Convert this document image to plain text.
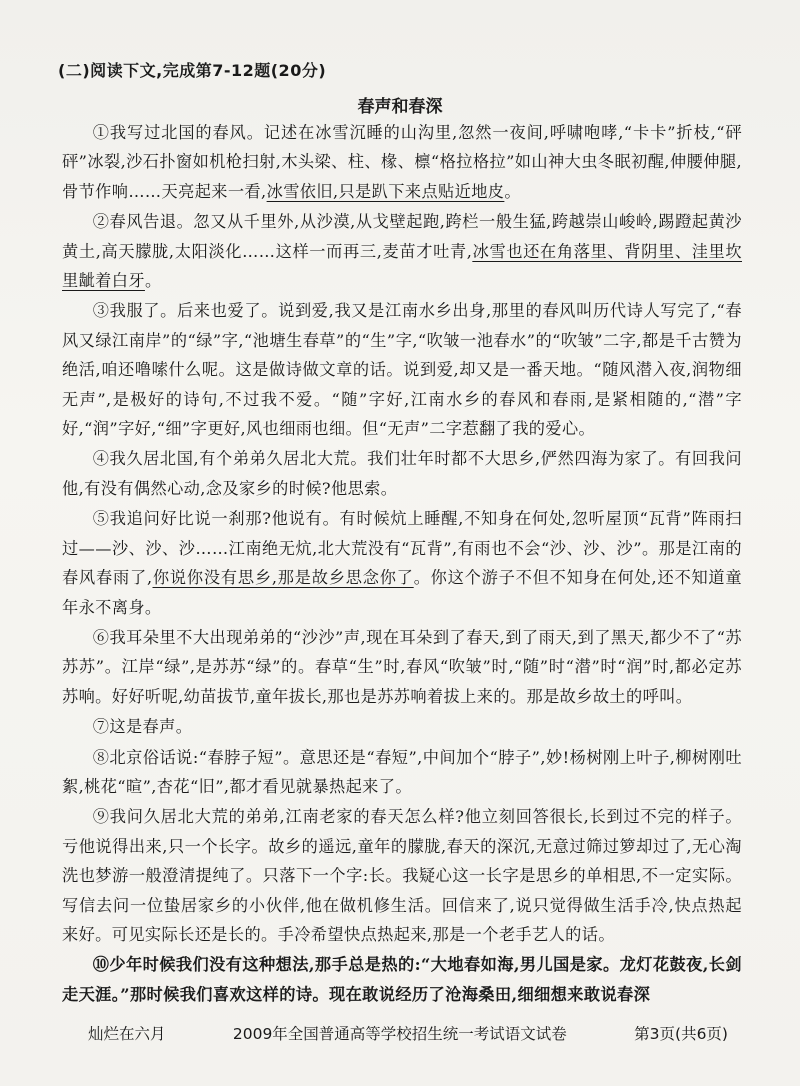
(二)阅读下文,完成第7-12题(20分)
春声和春深

①我写过北国的春风。记述在冰雪沉睡的山沟里,忽然一夜间,呼啸咆哮,“卡卡”折枝,“砰砰”冰裂,沙石扑窗如机枪扫射,木头梁、柱、椽、檩“格拉格拉”如山神大虫冬眠初醒,伸腰伸腿,骨节作响……天亮起来一看,冰雪依旧,只是趴下来点贴近地皮。

②春风告退。忽又从千里外,从沙漠,从戈壁起跑,跨栏一般生猛,跨越崇山峻岭,踢蹬起黄沙黄土,高天朦胧,太阳淡化……这样一而再三,麦苗才吐青,冰雪也还在角落里、背阴里、洼里坎里龇着白牙。

③我服了。后来也爱了。说到爱,我又是江南水乡出身,那里的春风叫历代诗人写完了,“春风又绿江南岸”的“绿”字,“池塘生春草”的“生”字,“吹皱一池春水”的“吹皱”二字,都是千古赞为绝活,咱还噜嗦什么呢。这是做诗做文章的话。说到爱,却又是一番天地。“随风潜入夜,润物细无声”,是极好的诗句,不过我不爱。“随”字好,江南水乡的春风和春雨,是紧相随的,“潜”字好,“润”字好,“细”字更好,风也细雨也细。但“无声”二字惹翻了我的爱心。

④我久居北国,有个弟弟久居北大荒。我们壮年时都不大思乡,俨然四海为家了。有回我问他,有没有偶然心动,念及家乡的时候?他思索。

⑤我追问好比说一刹那?他说有。有时候炕上睡醒,不知身在何处,忽听屋顶“瓦背”阵雨扫过——沙、沙、沙……江南绝无炕,北大荒没有“瓦背”,有雨也不会“沙、沙、沙”。那是江南的春风春雨了,你说你没有思乡,那是故乡思念你了。你这个游子不但不知身在何处,还不知道童年永不离身。

⑥我耳朵里不大出现弟弟的“沙沙”声,现在耳朵到了春天,到了雨天,到了黑天,都少不了“苏苏苏”。江岸“绿”,是苏苏“绿”的。春草“生”时,春风“吹皱”时,“随”时“潜”时“润”时,都必定苏苏响。好好听呢,幼苗拔节,童年拔长,那也是苏苏响着拔上来的。那是故乡故土的呼叫。

⑦这是春声。

⑧北京俗话说:“春脖子短”。意思还是“春短”,中间加个“脖子”,妙!杨树刚上叶子,柳树刚吐絮,桃花“暄”,杏花“旧”,都才看见就暴热起来了。

⑨我问久居北大荒的弟弟,江南老家的春天怎么样?他立刻回答很长,长到过不完的样子。亏他说得出来,只一个长字。故乡的遥远,童年的朦胧,春天的深沉,无意过筛过箩却过了,无心淘洗也梦游一般澄清提纯了。只落下一个字:长。我疑心这一长字是思乡的单相思,不一定实际。写信去问一位蛰居家乡的小伙伴,他在做机修生活。回信来了,说只觉得做生活手冷,快点热起来好。可见实际长还是长的。手冷希望快点热起来,那是一个老手艺人的话。

⑩少年时候我们没有这种想法,那手总是热的:“大地春如海,男儿国是家。龙灯花鼓夜,长剑走天涯。”那时候我们喜欢这样的诗。现在敢说经历了沧海桑田,细细想来敢说春深

灿烂在六月	2009年全国普通高等学校招生统一考试语文试卷	第3页(共6页)
